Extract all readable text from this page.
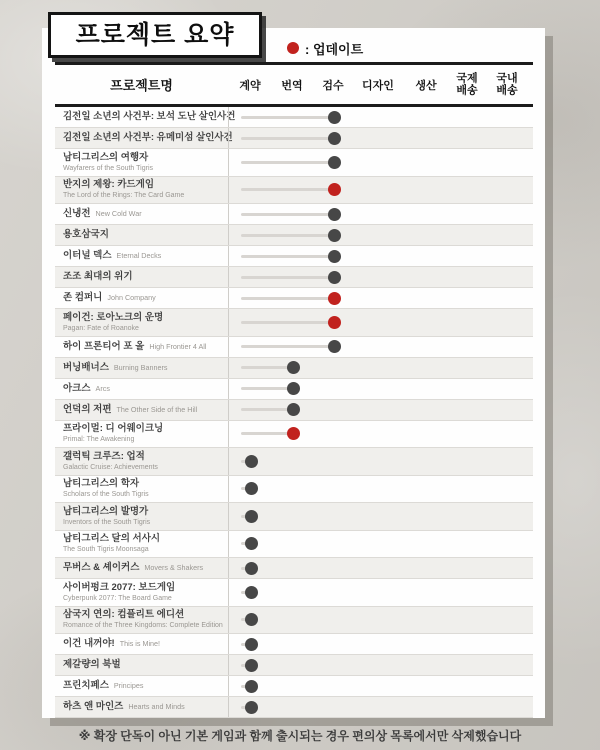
프로젝트 요약	: 업데이트
프로젝트명	계약 번역 검수 디자인 생산
국제배송
국내배송
김전일 소년의 사건부: 보석 도난 살인사건
김전일 소년의 사건부: 유메미섬 살인사건
남티그리스의 여행자
Wayfarers of the South Tigris
반지의 제왕: 카드게임
The Lord of the Rings: The Card Game
신냉전 New Cold War
용호삼국지
이터널 덱스 Eternal Decks
조조 최대의 위기
존 컴퍼니 John Company
페이건: 로아노크의 운명
Pagan: Fate of Roanoke
하이 프론티어 포 올 High Frontier 4 All
버닝배너스 Burning Banners
아크스 Arcs
언덕의 저편 The Other Side of the Hill
프라이멀: 디 어웨이크닝
Primal: The Awakening
갤럭틱 크루즈: 업적
Galactic Cruise: Achievements
남티그리스의 학자
Scholars of the South Tigris
남티그리스의 발명가
Inventors of the South Tigris
남티그리스 달의 서사시
The South Tigris Moonsaga
무버스 & 셰이커스 Movers & Shakers
사이버펑크 2077: 보드게임
Cyberpunk 2077: The Board Game
삼국지 연의: 컴플리트 에디션
Romance of the Three Kingdoms: Complete Edition
이건 내꺼야! This is Mine!
제갈량의 북벌
프린치페스 Principes
하츠 앤 마인즈 Hearts and Minds
※ 확장 단독이 아닌 기본 게임과 함께 출시되는 경우 편의상 목록에서만 삭제했습니다
